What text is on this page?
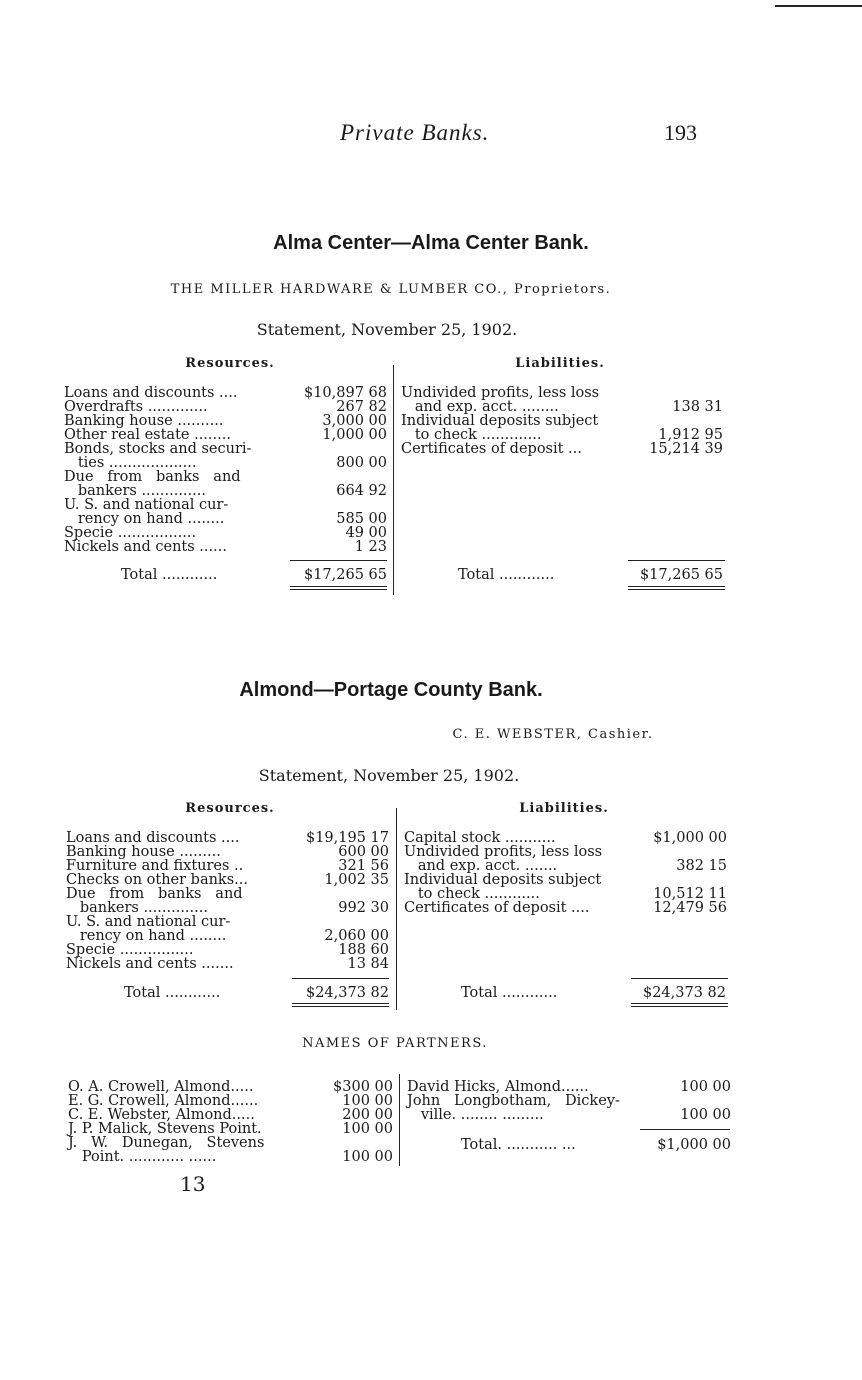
Private Banks.	193
Alma Center—Alma Center Bank.
THE MILLER HARDWARE & LUMBER CO., Proprietors.
Statement, November 25, 1902.
Resources.	Liabilities.
Loans and discounts ....	$10,897 68
Overdrafts .............	267 82
Banking house ..........	3,000 00
Other real estate ........	1,000 00
Bonds, stocks and securi-
ties ...................	800 00
Due   from   banks   and
bankers ..............	664 92
U. S. and national cur-
rency on hand ........	585 00
Specie .................	49 00
Nickels and cents ......	1 23
Undivided profits, less loss
and exp. acct. ........	138 31
Individual deposits subject
to check .............	1,912 95
Certificates of deposit ...	15,214 39
Total ............	$17,265 65	Total ............	$17,265 65
Almond—Portage County Bank.
C. E. WEBSTER, Cashier.
Statement, November 25, 1902.
Resources.	Liabilities.
Loans and discounts ....	$19,195 17
Banking house .........	600 00
Furniture and fixtures ..	321 56
Checks on other banks...	1,002 35
Due   from   banks   and
bankers ..............	992 30
U. S. and national cur-
rency on hand ........	2,060 00
Specie ................	188 60
Nickels and cents .......	13 84
Capital stock ...........	$1,000 00
Undivided profits, less loss
and exp. acct. .......	382 15
Individual deposits subject
to check ............	10,512 11
Certificates of deposit ....	12,479 56
Total ............	$24,373 82	Total ............	$24,373 82
NAMES OF PARTNERS.
O. A. Crowell, Almond.....	$300 00
E. G. Crowell, Almond......	100 00
C. E. Webster, Almond.....	200 00
J. P. Malick, Stevens Point.	100 00
J.   W.   Dunegan,   Stevens
Point. ............ ......	100 00
David Hicks, Almond......	100 00
John   Longbotham,   Dickey-
ville. ........ .........	100 00
Total. ........... ...	$1,000 00
13
